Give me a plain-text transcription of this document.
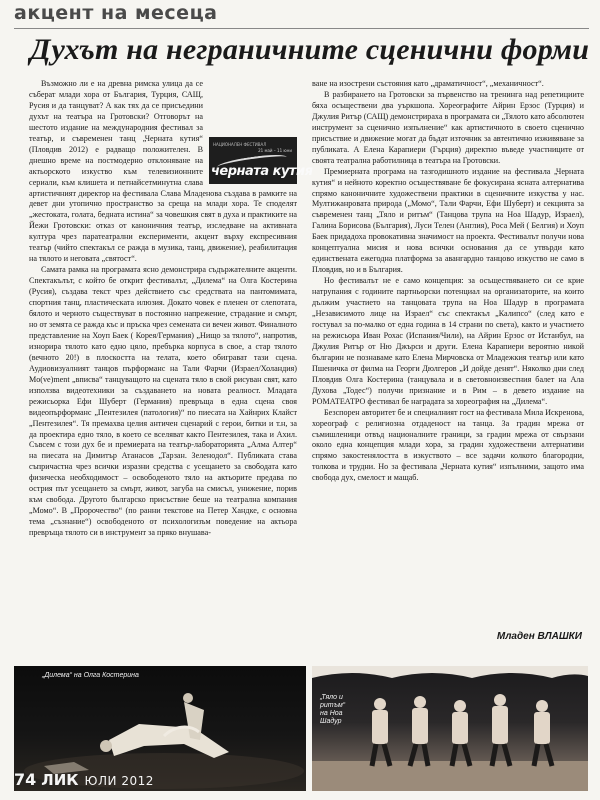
акцент на месеца
Духът на неграничните сценични форми
НАЦИОНАЛЕН ФЕСТИВАЛ
21 май – 11 юни
черната кутия

Възможно ли е на древна римска улица да се съберат млади хора от България, Турция, САЩ, Русия и да танцуват? А как тях да се присъедини духът на театъра на Гротовски? Отговорът на шестото издание на международния фестивал за театър, и съвременен танц „Черната кутия“ (Пловдив 2012) е радващо положителен. В днешно време на постмодерно отклоняване на актьорското изкуство към телевизионните сериали, към клишета и петнайсетминутна слава артистичният директор на фестивала Славa Младенова създава в рамките на девет дни утопично пространство за среща на млади хора. Те споделят „жестоката, голата, бедната истина“ за човешкия свят в духа и практиките на Йежи Гротовски: отказ от каноничния театър, изследване на активната култура чрез паратеатрални експерименти, акцент върху експресивния театър (чийто спектакъл се ражда в музика, танц, движение), реабилитация на тялото и неговата „святост“.

Самата рамка на програмата ясно демонстрира съдържателните акценти. Спектакълът, с който бе открит фестивалът, „Дилема“ на Олга Костерина (Русия), създава текст чрез действието със средствата на пантомимата, спортния танц, пластическата илюзия. Докато човек е пленен от слепотата, бялото и черното съществуват в постоянно напрежение, страдание и смърт, но от земята се ражда къс и пръска чрез семената си вечен живот. Финалното представление на Хоуп Баек ( Корея/Германия) „Нищо за тялото“, напротив, изнорира тялото като едно цяло, пребърка корпуса в свое, а стар тялото (вечното 20!) в плоскостта на телата, което обиграват тази сцена. Аудиовизуалният танцов пърформанс на Тали Фарчи (Израел/Холандия) Mo(ve)ment „вписва“ танцуващото на сцената тяло в свой рисуван свят, като използва видеотехники за създаването на новата реалност. Младата режисьорка Ефи Шуберт (Германия) превръща в една сцена своя видеопърформанс „Пентезилея (патология)“ по пиесата на Хайнрих Клайст „Пентезилея“. Тя премахва целия античен сценарий с герои, битки и т.н, за да проектира едно тяло, в което се вселяват както Пентезилея, така и Ахил. Съвсем с този дух бе и премиерата на театър-лабораторията „Алма Алтер“ на пиесата на Димитър Атанасов „Тарзан. Зеленодол“. Публиката става съпричастна чрез всички изразни средства с усещането за свободата като физическа необходимост – освободеното тяло на актьорите предава по острия път усещането за смърт, живот, загуба на смисъл, унижение, порив към свобода. Другото българско присъствие беше на театрална компания „Момо“. В „Пророчество“ (по ранни текстове на Петер Хандке, с основна тема „съзнание“) освободеното от психологизъм поведение на актьора превръща тялото си в инструмент за пряко внушава-

ване на изострени състояния като „драматичност“, „механичност“.

В разбирането на Гротовски за първенство на тренинга над репетициите бяха осъществени два уъркшопа. Хореографите Айрин Ерзос (Турция) и Джулия Ритър (САЩ) демонстрираха в програмата си „Тялото като абсолютен инструмент за сценично изпълнение“ как артистичното в своето сценично присъствие и движение могат да бъдат източник за автентично изживяване за публиката. А Елена Карапиери (Гърция) директно въведе участниците от своята театрална работилница в театъра на Гротовски.

Премиерната програма на тазгодишното издание на фестивала „Черната кутия“ и нейното коректно осъществяване бе фокусирана ясната алтернатива спрямо каноничните художествени практики в сценичните изкуства у нас. Мултижанровата природа („Момо“, Тали Фарчи, Ефи Шуберт) и секцията за съвременен танц „Тяло и ритъм“ (Танцова трупа на Ноа Шадур, Израел), Галина Борисова (България), Луси Телен (Англия), Роса Мей ( Белгия) и Хоуп Баек придадоха провокативна значимост на проекта. Фестивалът получи нова концептуална мисия и нова всички основания да се утвърди като единствената ежегодна платформа за авангардно танцово изкуство не само в Пловдив, но и в България.

Но фестивалът не е само концепция: за осъществяването си се крие натрупания с годините партньорски потенциал на организаторите, на които дължим участието на танцовата трупа на Ноа Шадур в програмата „Независимото лице на Израел“ със спектакъл „Калипсо“ (след като е гостувал за по-малко от една година в 14 страни по света), както и участието на режисьора Иван Рохас (Испания/Чили), на Айрин Ерзос от Истанбул, на Джулия Ритър от Ню Джърси и други. Елена Карапиери вероятно никой българин не познаваме като Елена Мирчовска от Младежкия театър или като Пшеничка от филма на Георги Дюлгеров „И дойде денят“. Няколко дни след Пловдив Олга Костерина (танцувала и в световноизвестния балет на Ала Духова „Тодес“) получи признание и в Рим – в девето издание на РОМАТЕАТРО фестивал бе наградата за хореография на „Дилема“.

Безспорен авторитет бе и специалният гост на фестивала Мила Искренова, хореограф с религиозна отдаденост на танца. За градин мрежа от съмишленици отвъд националните граници, за градин мрежа от свързани около една концепция млади хора, за градин художествени алтернативи спрямо закостенялостта в изкуството – все задачи колкото благородни, толкова и трудни. Но за фестивала „Черната кутия“ изпълними, защото има свобода дух, смелост и мащаб.

Младен ВЛАШКИ
„Дилема“ на Олга Костерина
„Тяло и ритъм“ на Ноа Шадур
74 ЛИК ЮЛИ 2012
